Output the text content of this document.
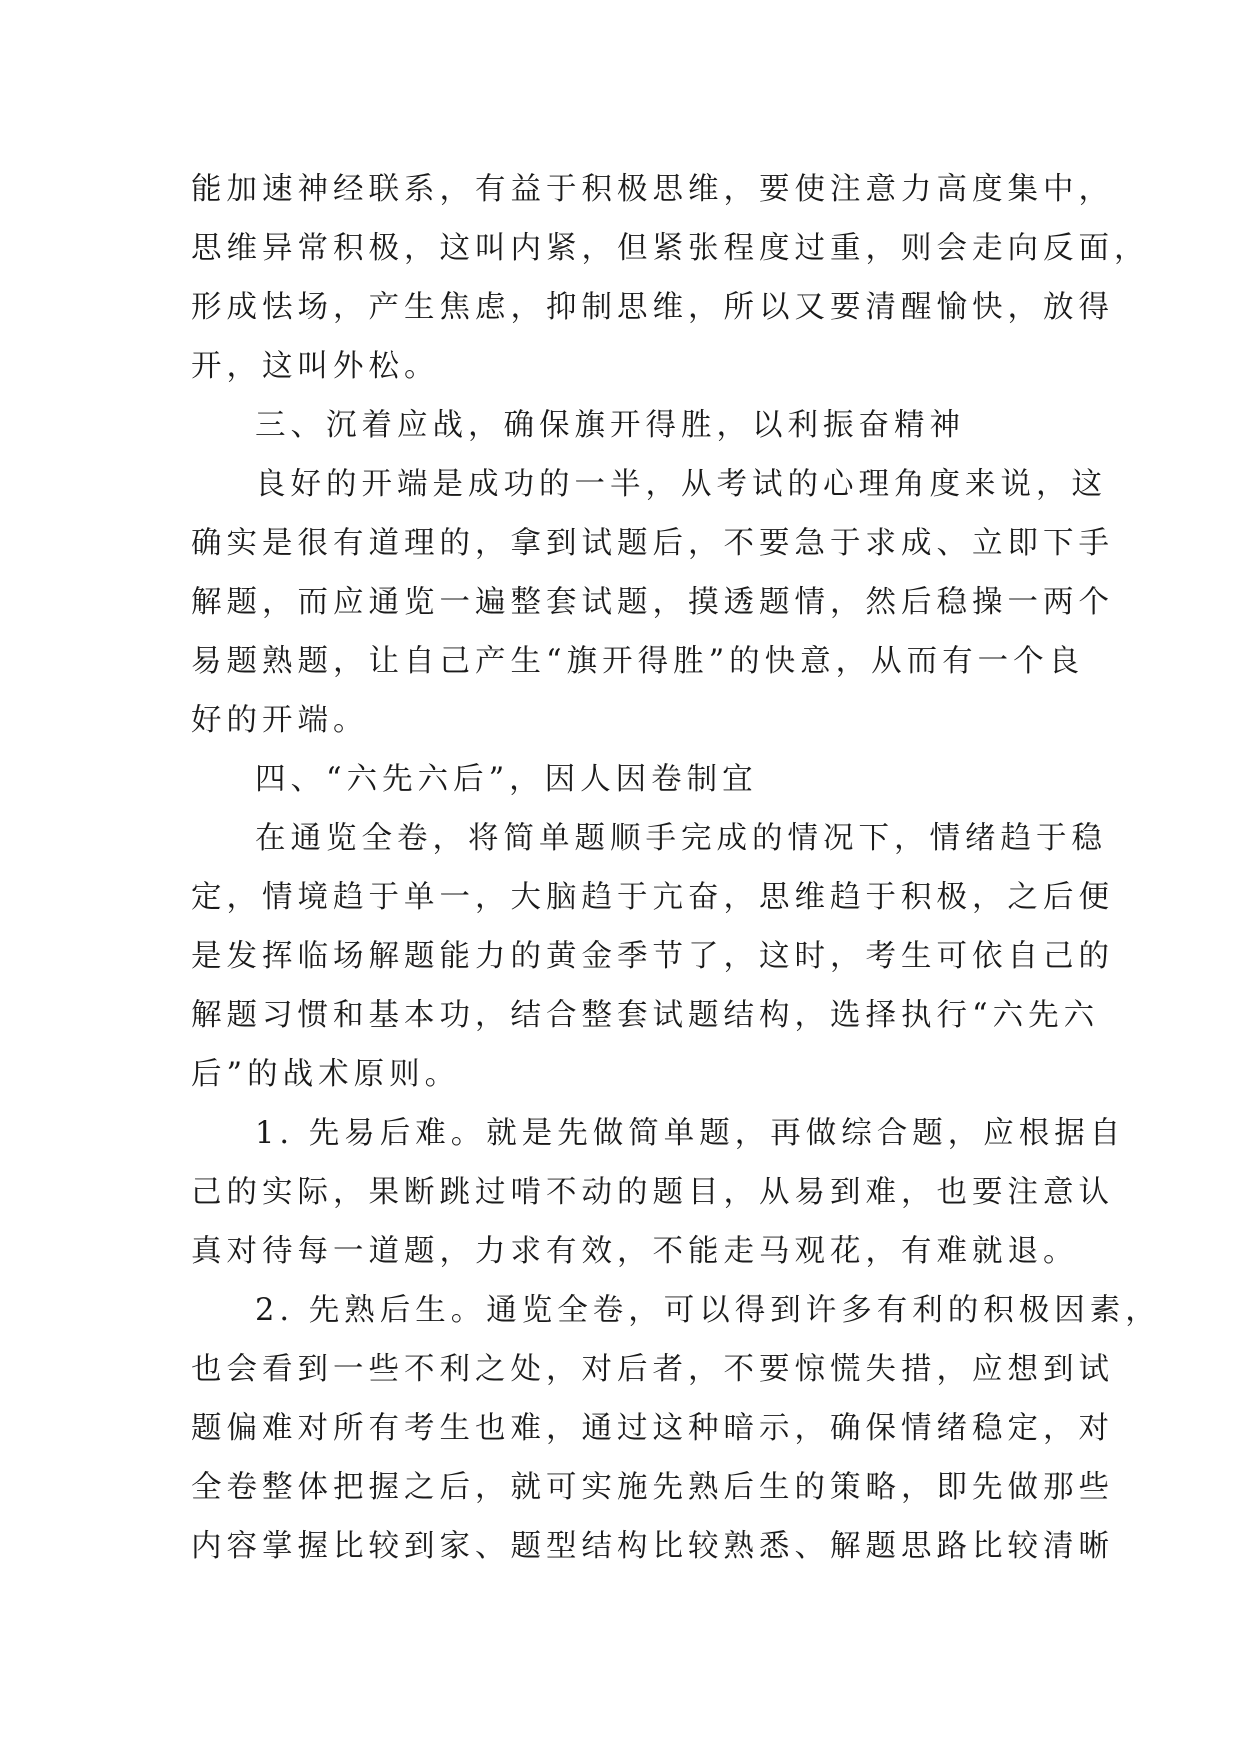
能加速神经联系，有益于积极思维，要使注意力高度集中，
思维异常积极，这叫内紧，但紧张程度过重，则会走向反面，
形成怯场，产生焦虑，抑制思维，所以又要清醒愉快，放得
开，这叫外松。
三、沉着应战，确保旗开得胜，以利振奋精神
良好的开端是成功的一半，从考试的心理角度来说，这
确实是很有道理的，拿到试题后，不要急于求成、立即下手
解题，而应通览一遍整套试题，摸透题情，然后稳操一两个
易题熟题，让自己产生“旗开得胜”的快意，从而有一个良
好的开端。
四、“六先六后”，因人因卷制宜
在通览全卷，将简单题顺手完成的情况下，情绪趋于稳
定，情境趋于单一，大脑趋于亢奋，思维趋于积极，之后便
是发挥临场解题能力的黄金季节了，这时，考生可依自己的
解题习惯和基本功，结合整套试题结构，选择执行“六先六
后”的战术原则。
1. 先易后难。就是先做简单题，再做综合题，应根据自
己的实际，果断跳过啃不动的题目，从易到难，也要注意认
真对待每一道题，力求有效，不能走马观花，有难就退。
2. 先熟后生。通览全卷，可以得到许多有利的积极因素，
也会看到一些不利之处，对后者，不要惊慌失措，应想到试
题偏难对所有考生也难，通过这种暗示，确保情绪稳定，对
全卷整体把握之后，就可实施先熟后生的策略，即先做那些
内容掌握比较到家、题型结构比较熟悉、解题思路比较清晰
